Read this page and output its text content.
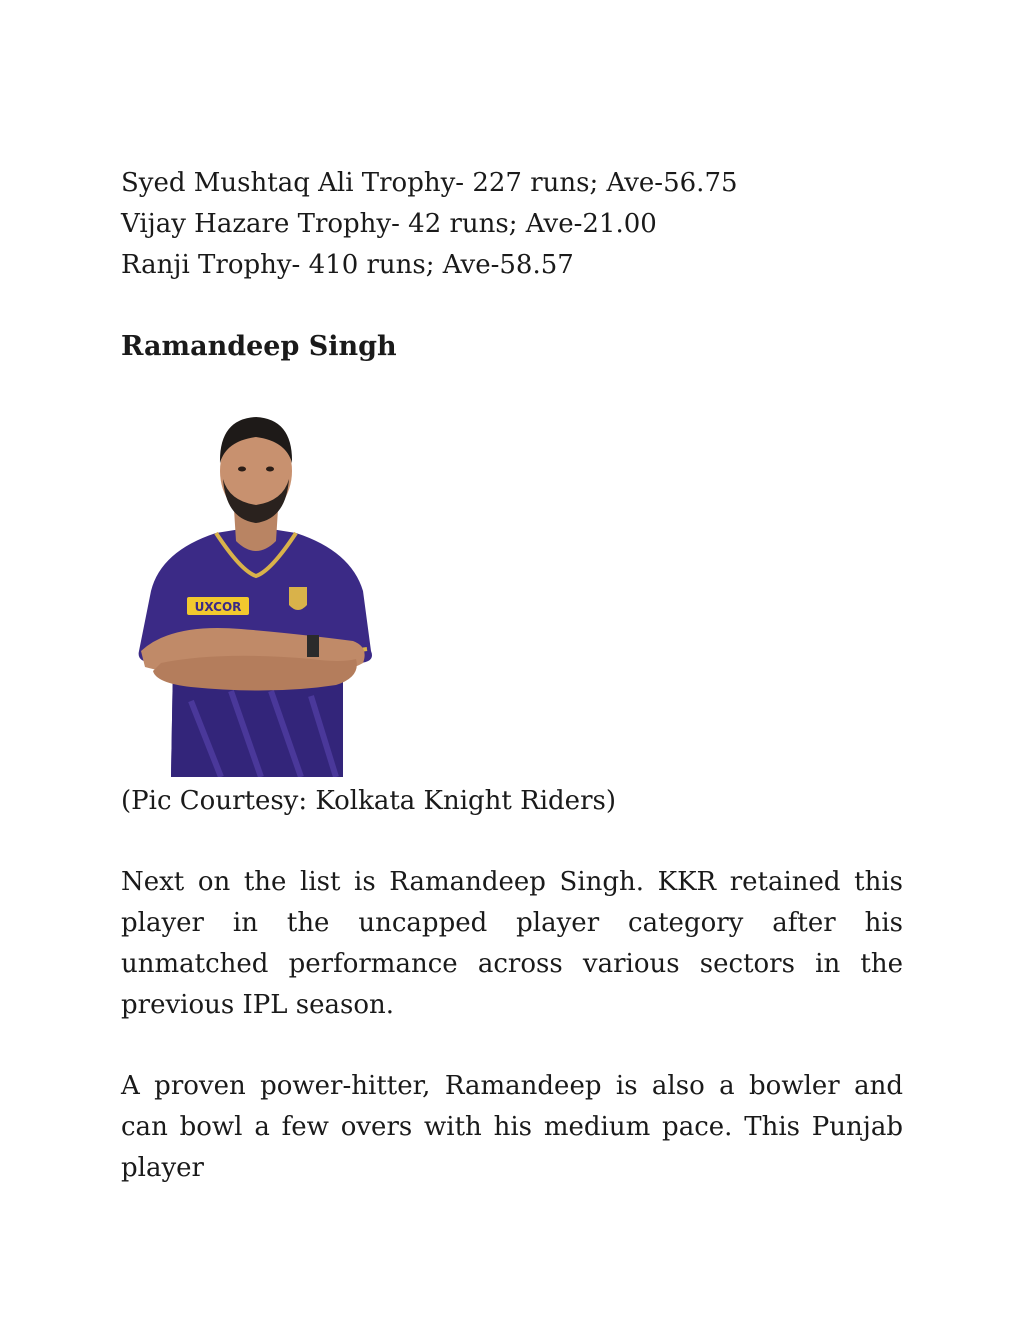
Syed Mushtaq Ali Trophy- 227 runs; Ave-56.75

Vijay Hazare Trophy- 42 runs; Ave-21.00

Ranji Trophy- 410 runs; Ave-58.57

Ramandeep Singh
UXCOR

(Pic Courtesy: Kolkata Knight Riders)

Next on the list is Ramandeep Singh. KKR retained this player in the uncapped player category after his unmatched performance across various sectors in the previous IPL season.

A proven power-hitter, Ramandeep is also a bowler and can bowl a few overs with his medium pace. This Punjab player
